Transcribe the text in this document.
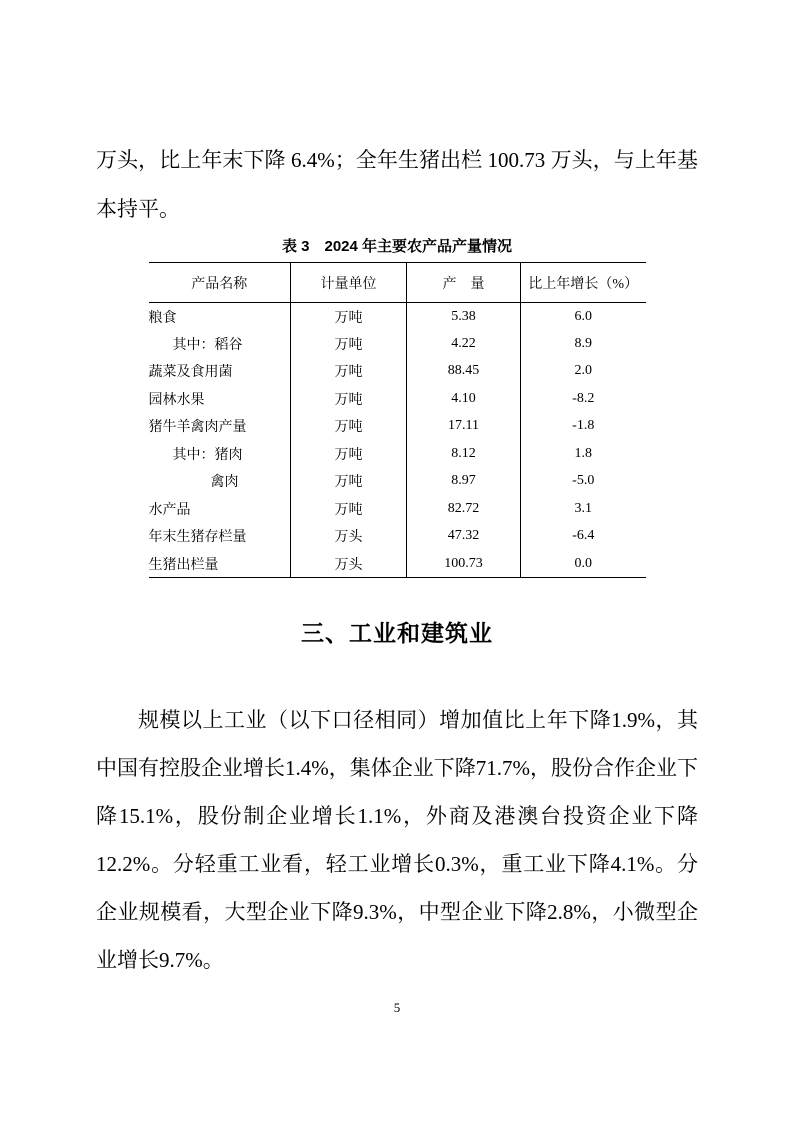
万头，比上年末下降 6.4%；全年生猪出栏 100.73 万头，与上年基本持平。

表 3　2024 年主要农产品产量情况
产品名称	计量单位	产　量	比上年增长（%）
粮食	万吨	5.38	6.0
其中：稻谷	万吨	4.22	8.9
蔬菜及食用菌	万吨	88.45	2.0
园林水果	万吨	4.10	-8.2
猪牛羊禽肉产量	万吨	17.11	-1.8
其中：猪肉	万吨	8.12	1.8
禽肉	万吨	8.97	-5.0
水产品	万吨	82.72	3.1
年末生猪存栏量	万头	47.32	-6.4
生猪出栏量	万头	100.73	0.0
三、工业和建筑业

规模以上工业（以下口径相同）增加值比上年下降1.9%，其中国有控股企业增长1.4%，集体企业下降71.7%，股份合作企业下降15.1%，股份制企业增长1.1%，外商及港澳台投资企业下降12.2%。分轻重工业看，轻工业增长0.3%，重工业下降4.1%。分企业规模看，大型企业下降9.3%，中型企业下降2.8%，小微型企业增长9.7%。

5
